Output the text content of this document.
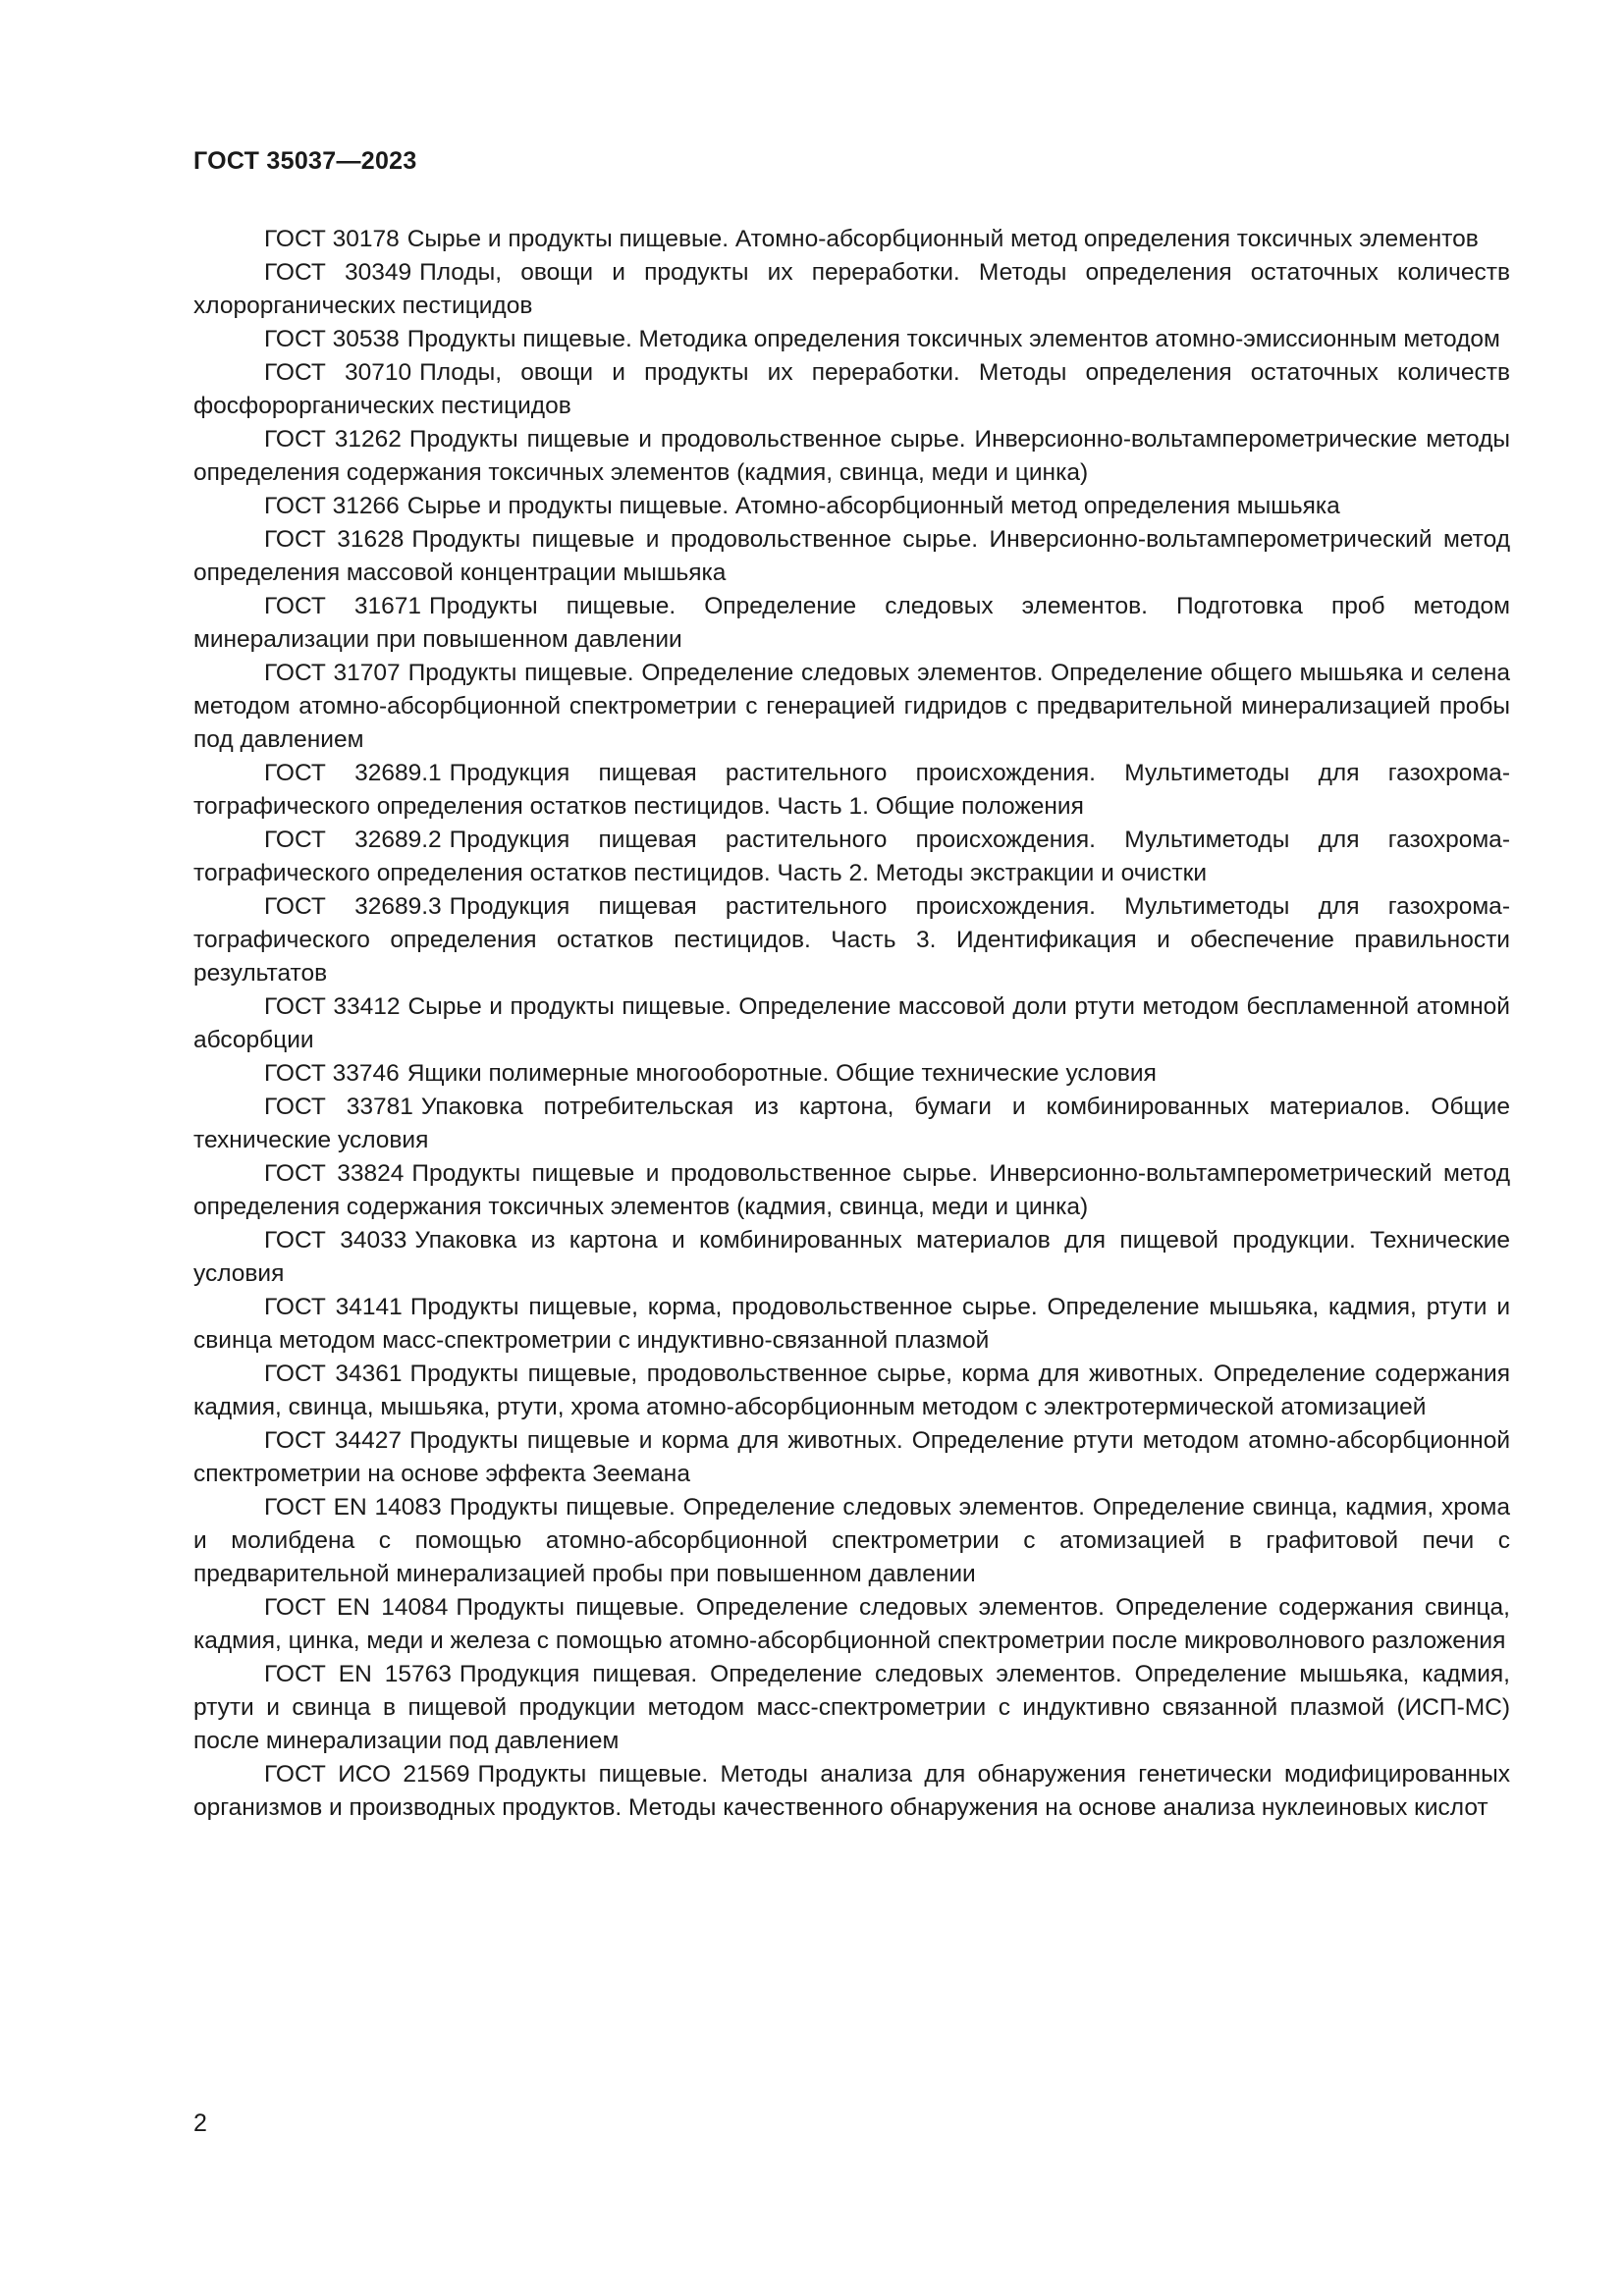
ГОСТ 35037—2023
ГОСТ 30178 Сырье и продукты пищевые. Атомно-абсорбционный метод определения токсичных элементов
ГОСТ 30349 Плоды, овощи и продукты их переработки. Методы определения остаточных количеств хлорорганических пестицидов
ГОСТ 30538 Продукты пищевые. Методика определения токсичных элементов атомно-эмиссионным методом
ГОСТ 30710 Плоды, овощи и продукты их переработки. Методы определения остаточных количеств фосфорорганических пестицидов
ГОСТ 31262 Продукты пищевые и продовольственное сырье. Инверсионно-вольтамперометрические методы определения содержания токсичных элементов (кадмия, свинца, меди и цинка)
ГОСТ 31266 Сырье и продукты пищевые. Атомно-абсорбционный метод определения мышьяка
ГОСТ 31628 Продукты пищевые и продовольственное сырье. Инверсионно-вольтамперометрический метод определения массовой концентрации мышьяка
ГОСТ 31671 Продукты пищевые. Определение следовых элементов. Подготовка проб методом минерализации при повышенном давлении
ГОСТ 31707 Продукты пищевые. Определение следовых элементов. Определение общего мышьяка и селена методом атомно-абсорбционной спектрометрии с генерацией гидридов с предварительной минерализацией пробы под давлением
ГОСТ 32689.1 Продукция пищевая растительного происхождения. Мультиметоды для газохроматографического определения остатков пестицидов. Часть 1. Общие положения
ГОСТ 32689.2 Продукция пищевая растительного происхождения. Мультиметоды для газохроматографического определения остатков пестицидов. Часть 2. Методы экстракции и очистки
ГОСТ 32689.3 Продукция пищевая растительного происхождения. Мультиметоды для газохроматографического определения остатков пестицидов. Часть 3. Идентификация и обеспечение правильности результатов
ГОСТ 33412 Сырье и продукты пищевые. Определение массовой доли ртути методом беспламенной атомной абсорбции
ГОСТ 33746 Ящики полимерные многооборотные. Общие технические условия
ГОСТ 33781 Упаковка потребительская из картона, бумаги и комбинированных материалов. Общие технические условия
ГОСТ 33824 Продукты пищевые и продовольственное сырье. Инверсионно-вольтамперометрический метод определения содержания токсичных элементов (кадмия, свинца, меди и цинка)
ГОСТ 34033 Упаковка из картона и комбинированных материалов для пищевой продукции. Технические условия
ГОСТ 34141 Продукты пищевые, корма, продовольственное сырье. Определение мышьяка, кадмия, ртути и свинца методом масс-спектрометрии с индуктивно-связанной плазмой
ГОСТ 34361 Продукты пищевые, продовольственное сырье, корма для животных. Определение содержания кадмия, свинца, мышьяка, ртути, хрома атомно-абсорбционным методом с электротермической атомизацией
ГОСТ 34427 Продукты пищевые и корма для животных. Определение ртути методом атомно-абсорбционной спектрометрии на основе эффекта Зеемана
ГОСТ EN 14083 Продукты пищевые. Определение следовых элементов. Определение свинца, кадмия, хрома и молибдена с помощью атомно-абсорбционной спектрометрии с атомизацией в графитовой печи с предварительной минерализацией пробы при повышенном давлении
ГОСТ EN 14084 Продукты пищевые. Определение следовых элементов. Определение содержания свинца, кадмия, цинка, меди и железа с помощью атомно-абсорбционной спектрометрии после микроволнового разложения
ГОСТ EN 15763 Продукция пищевая. Определение следовых элементов. Определение мышьяка, кадмия, ртути и свинца в пищевой продукции методом масс-спектрометрии с индуктивно связанной плазмой (ИСП-МС) после минерализации под давлением
ГОСТ ИСО 21569 Продукты пищевые. Методы анализа для обнаружения генетически модифицированных организмов и производных продуктов. Методы качественного обнаружения на основе анализа нуклеиновых кислот

2
